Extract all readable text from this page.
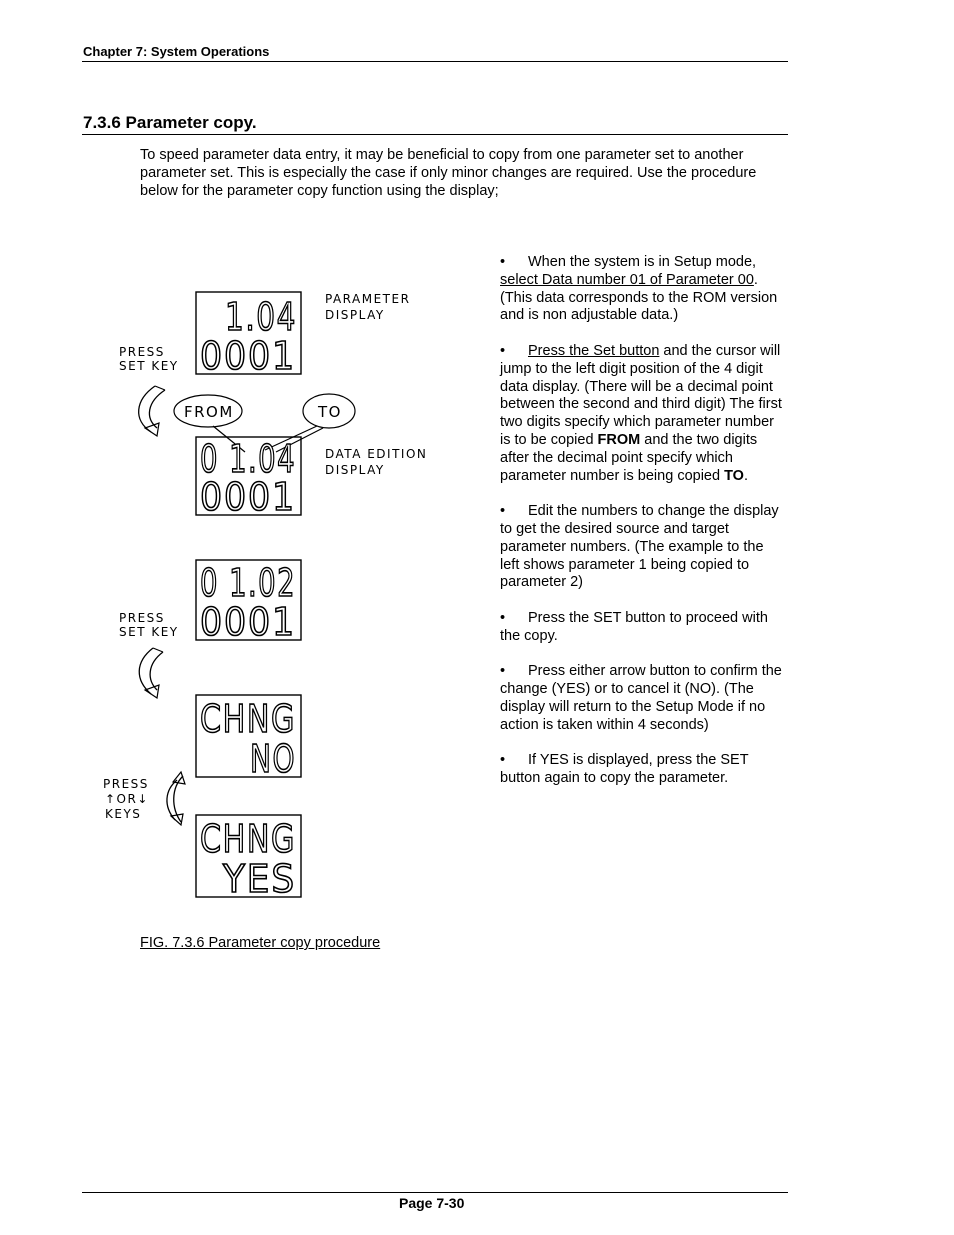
Chapter 7: System Operations
7.3.6 Parameter copy.

To speed parameter data entry, it may be beneficial to copy from one parameter set to another parameter set. This is especially the case if only minor changes are required. Use the procedure below for the parameter copy function using the display;

• When the system is in Setup mode, select Data number 01 of Parameter 00. (This data corresponds to the ROM version and is non adjustable data.)

• Press the Set button and the cursor will jump to the left digit position of the 4 digit data display. (There will be a decimal point between the second and third digit) The first two digits specify which parameter number is to be copied FROM and the two digits after the decimal point specify which parameter number is being copied TO.

• Edit the numbers to change the display to get the desired source and target parameter numbers. (The example to the left shows parameter 1 being copied to parameter 2)

• Press the SET button to proceed with the copy.

• Press either arrow button to confirm the change (YES) or to cancel it (NO). (The display will return to the Setup Mode if no action is taken within 4 seconds)

• If YES is displayed, press the SET button again to copy the parameter.

PARAMETER
DISPLAY
PRESS
SET KEY
FROM	TO
DATA EDITION
DISPLAY
PRESS
SET KEY
PRESS
↑OR↓
KEYS
1.04
0001
0 1.04
0001
0 1.02
0001
CHNG
NO
CHNG
YES
FIG. 7.3.6 Parameter copy procedure
Page 7-30
